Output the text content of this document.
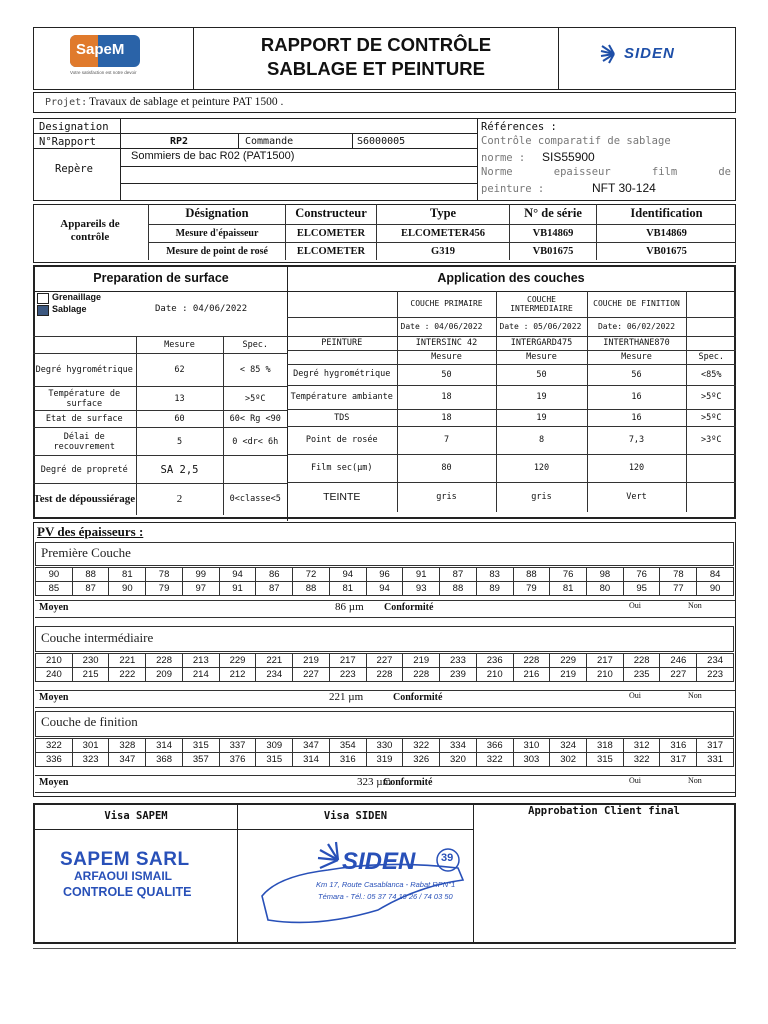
SapeM
Votre satisfaction est notre devoir
RAPPORT DE CONTRÔLE
SABLAGE ET PEINTURE
SIDEN
Projet: Travaux de sablage et peinture PAT 1500 .
Designation
N°Rapport	RP2	Commande	S6000005
Repère
Sommiers de bac R02 (PAT1500)
Références :
Contrôle comparatif de sablage
norme : SIS55900
Norme epaisseur film de
peinture :	NFT 30-124
Appareils de contrôle
Désignation	Constructeur	Type	N° de série	Identification
Mesure d'épaisseur	ELCOMETER	ELCOMETER456	VB14869	VB14869
Mesure de point de rosé	ELCOMETER	G319	VB01675	VB01675
Preparation de surface	Application des couches
Grenaillage
Sablage	Date : 04/06/2022
	Mesure	Spec.
Degré hygrométrique	62	< 85 %
Température de surface	13	>5ºC
Etat de surface	60	60< Rg <90
Délai de recouvrement	5	0 <dr< 6h
Degré de propreté	SA 2,5	
Test de dépoussiérage	2	0<classe<5
	COUCHE PRIMAIRE	COUCHE INTERMEDIAIRE	COUCHE DE FINITION	
	Date : 04/06/2022	Date : 05/06/2022	Date: 06/02/2022	
PEINTURE	INTERSINC 42	INTERGARD475	INTERTHANE870	
	Mesure	Mesure	Mesure	Spec.
Degré hygrométrique	50	50	56	<85%
Température ambiante	18	19	16	>5ºC
TDS	18	19	16	>5ºC
Point de rosée	7	8	7,3	>3ºC
Film sec(µm)	80	120	120	
TEINTE	gris	gris	Vert	
PV des épaisseurs :
Première Couche
90	88	81	78	99	94	86	72	94	96	91	87	83	88	76	98	76	78	84
85	87	90	79	97	91	87	88	81	94	93	88	89	79	81	80	95	77	90
Moyen	86 µm Conformité	Oui	Non
Couche intermédiaire
210	230	221	228	213	229	221	219	217	227	219	233	236	228	229	217	228	246	234
240	215	222	209	214	212	234	227	223	228	228	239	210	216	219	210	235	227	223
Moyen	221 µm	Conformité	Oui	Non
Couche de finition
322	301	328	314	315	337	309	347	354	330	322	334	366	310	324	318	312	316	317
336	323	347	368	357	376	315	314	316	319	326	320	322	303	302	315	322	317	331
Moyen	323 µm
Conformité	Oui	Non
Visa SAPEM	Visa SIDEN	Approbation Client final
SAPEM SARL
ARFAOUI ISMAIL
CONTROLE QUALITE
SIDEN 39
Km 17, Route Casablanca - Rabat RPN°1
Témara - Tél.: 05 37 74 19 26 / 74 03 50
